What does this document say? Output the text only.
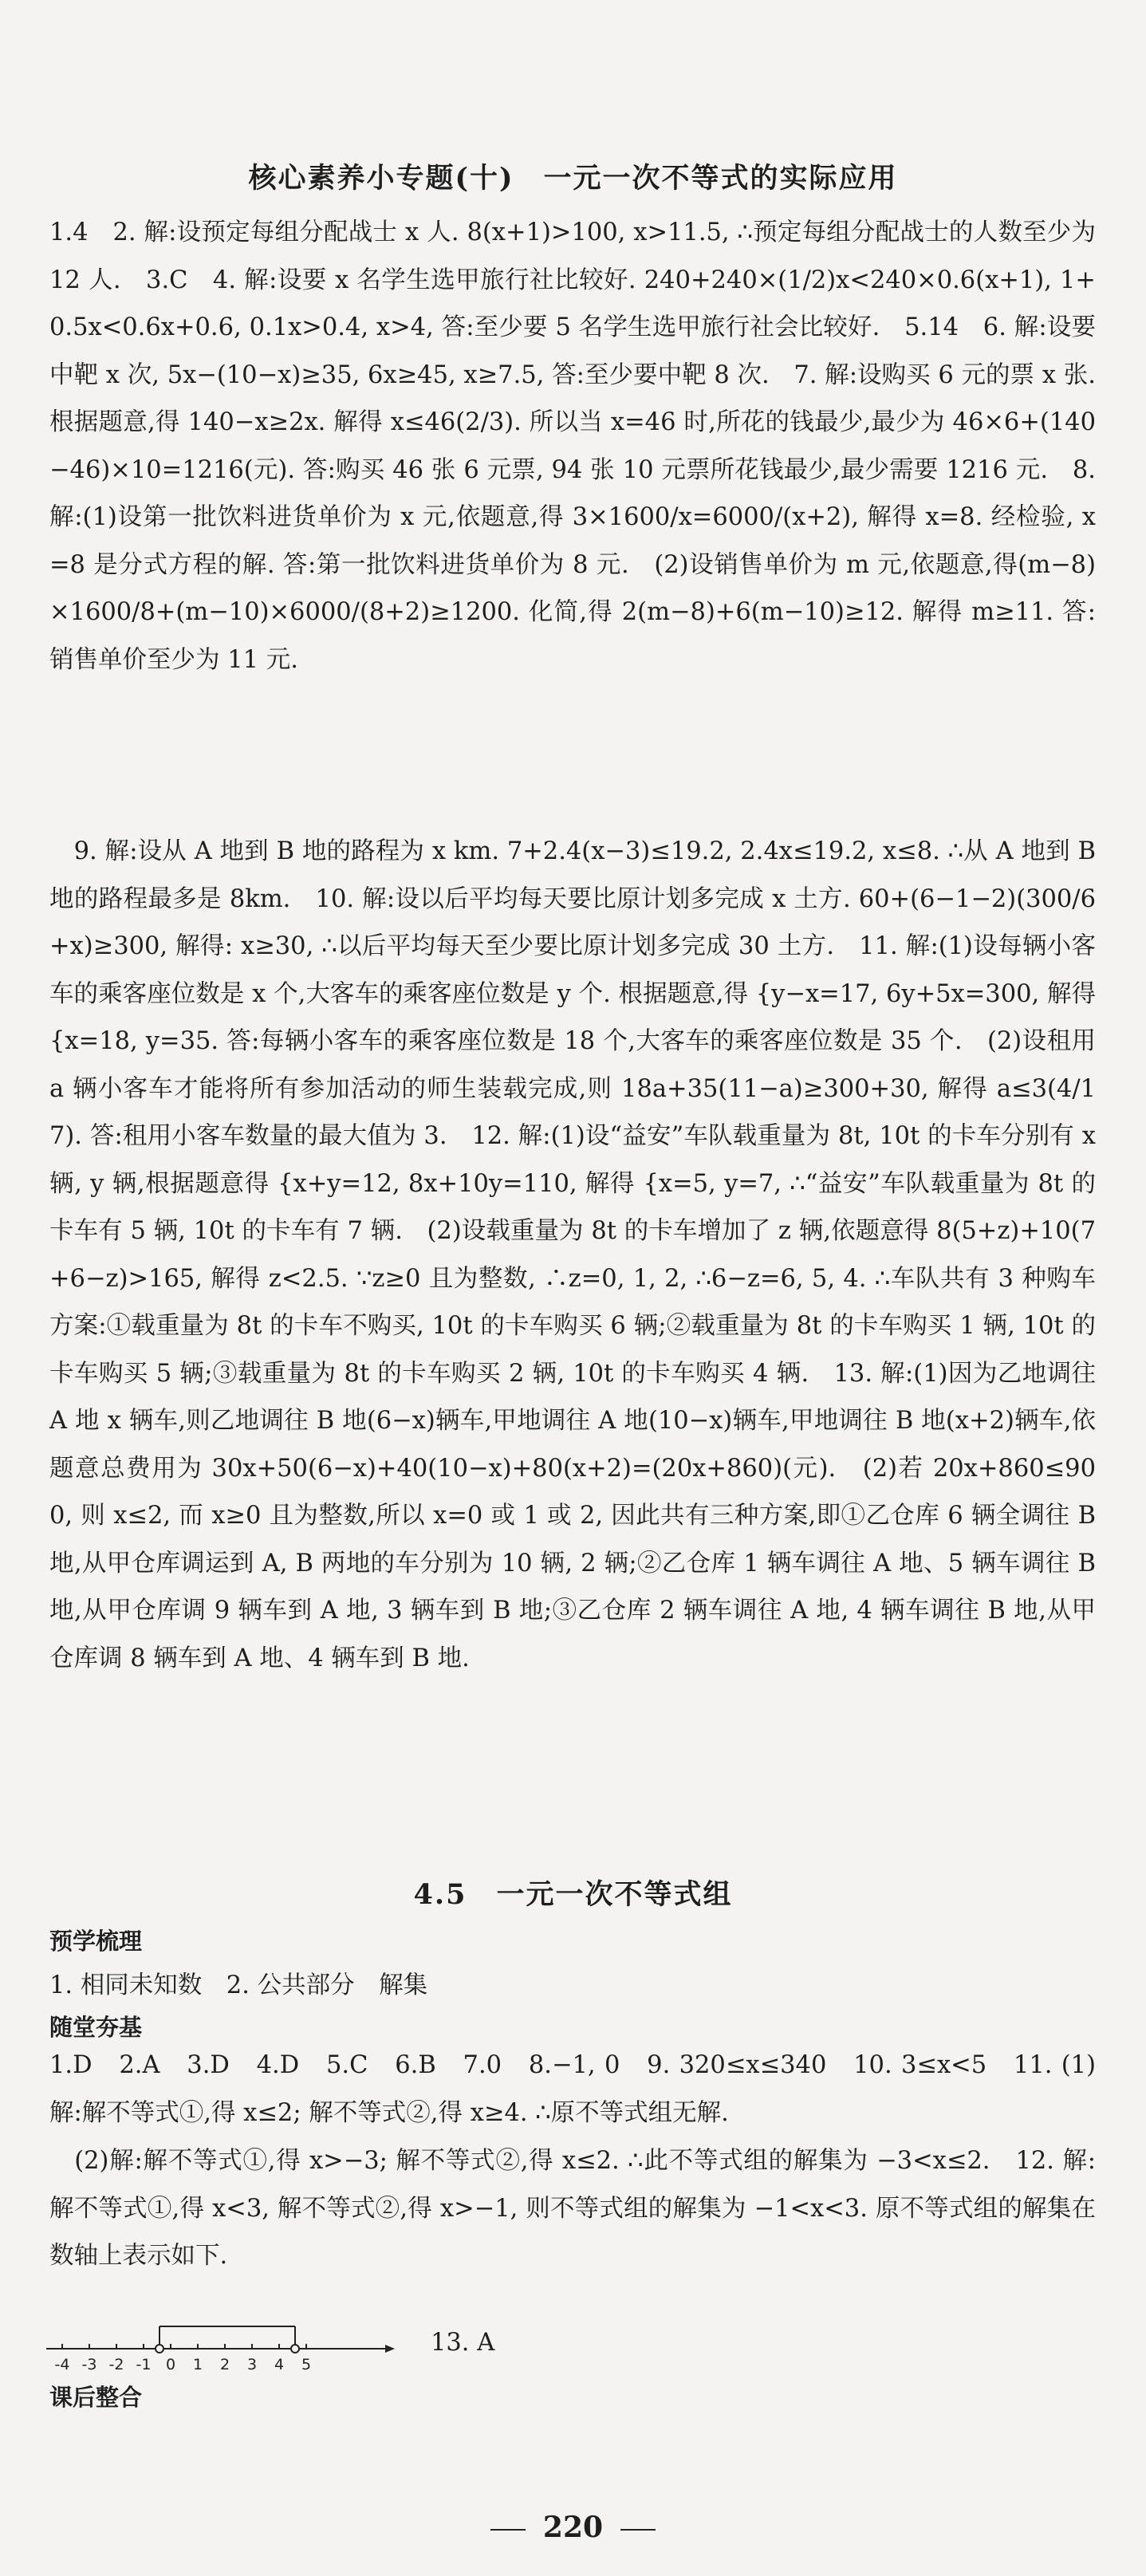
核心素养小专题(十)　一元一次不等式的实际应用
1.4　2. 解:设预定每组分配战士 x 人. 8(x+1)>100, x>11.5, ∴预定每组分配战士的人数至少为 12 人.　3.C　4. 解:设要 x 名学生选甲旅行社比较好. 240+240×(1/2)x<240×0.6(x+1), 1+0.5x<0.6x+0.6, 0.1x>0.4, x>4, 答:至少要 5 名学生选甲旅行社会比较好.　5.14　6. 解:设要中靶 x 次, 5x−(10−x)≥35, 6x≥45, x≥7.5, 答:至少要中靶 8 次.　7. 解:设购买 6 元的票 x 张. 根据题意,得 140−x≥2x. 解得 x≤46(2/3). 所以当 x=46 时,所花的钱最少,最少为 46×6+(140−46)×10=1216(元). 答:购买 46 张 6 元票, 94 张 10 元票所花钱最少,最少需要 1216 元.　8. 解:(1)设第一批饮料进货单价为 x 元,依题意,得 3×1600/x=6000/(x+2), 解得 x=8. 经检验, x=8 是分式方程的解. 答:第一批饮料进货单价为 8 元.　(2)设销售单价为 m 元,依题意,得(m−8)×1600/8+(m−10)×6000/(8+2)≥1200. 化简,得 2(m−8)+6(m−10)≥12. 解得 m≥11. 答:销售单价至少为 11 元.
　9. 解:设从 A 地到 B 地的路程为 x km. 7+2.4(x−3)≤19.2, 2.4x≤19.2, x≤8. ∴从 A 地到 B 地的路程最多是 8km.　10. 解:设以后平均每天要比原计划多完成 x 土方. 60+(6−1−2)(300/6+x)≥300, 解得: x≥30, ∴以后平均每天至少要比原计划多完成 30 土方.　11. 解:(1)设每辆小客车的乘客座位数是 x 个,大客车的乘客座位数是 y 个. 根据题意,得 {y−x=17, 6y+5x=300, 解得 {x=18, y=35. 答:每辆小客车的乘客座位数是 18 个,大客车的乘客座位数是 35 个.　(2)设租用 a 辆小客车才能将所有参加活动的师生装载完成,则 18a+35(11−a)≥300+30, 解得 a≤3(4/17). 答:租用小客车数量的最大值为 3.　12. 解:(1)设“益安”车队载重量为 8t, 10t 的卡车分别有 x 辆, y 辆,根据题意得 {x+y=12, 8x+10y=110, 解得 {x=5, y=7, ∴“益安”车队载重量为 8t 的卡车有 5 辆, 10t 的卡车有 7 辆.　(2)设载重量为 8t 的卡车增加了 z 辆,依题意得 8(5+z)+10(7+6−z)>165, 解得 z<2.5. ∵z≥0 且为整数, ∴z=0, 1, 2, ∴6−z=6, 5, 4. ∴车队共有 3 种购车方案:①载重量为 8t 的卡车不购买, 10t 的卡车购买 6 辆;②载重量为 8t 的卡车购买 1 辆, 10t 的卡车购买 5 辆;③载重量为 8t 的卡车购买 2 辆, 10t 的卡车购买 4 辆.　13. 解:(1)因为乙地调往 A 地 x 辆车,则乙地调往 B 地(6−x)辆车,甲地调往 A 地(10−x)辆车,甲地调往 B 地(x+2)辆车,依题意总费用为 30x+50(6−x)+40(10−x)+80(x+2)=(20x+860)(元).　(2)若 20x+860≤900, 则 x≤2, 而 x≥0 且为整数,所以 x=0 或 1 或 2, 因此共有三种方案,即①乙仓库 6 辆全调往 B 地,从甲仓库调运到 A, B 两地的车分别为 10 辆, 2 辆;②乙仓库 1 辆车调往 A 地、5 辆车调往 B 地,从甲仓库调 9 辆车到 A 地, 3 辆车到 B 地;③乙仓库 2 辆车调往 A 地, 4 辆车调往 B 地,从甲仓库调 8 辆车到 A 地、4 辆车到 B 地.
4.5　一元一次不等式组
预学梳理
1. 相同未知数　2. 公共部分　解集
随堂夯基
1.D　2.A　3.D　4.D　5.C　6.B　7.0　8.−1, 0　9. 320≤x≤340　10. 3≤x<5　11. (1)解:解不等式①,得 x≤2; 解不等式②,得 x≥4. ∴原不等式组无解.
　(2)解:解不等式①,得 x>−3; 解不等式②,得 x≤2. ∴此不等式组的解集为 −3<x≤2.　12. 解:解不等式①,得 x<3, 解不等式②,得 x>−1, 则不等式组的解集为 −1<x<3. 原不等式组的解集在数轴上表示如下.
-4 -3 -2 -1 0 1 2 3 4 5
13. A
课后整合
220
